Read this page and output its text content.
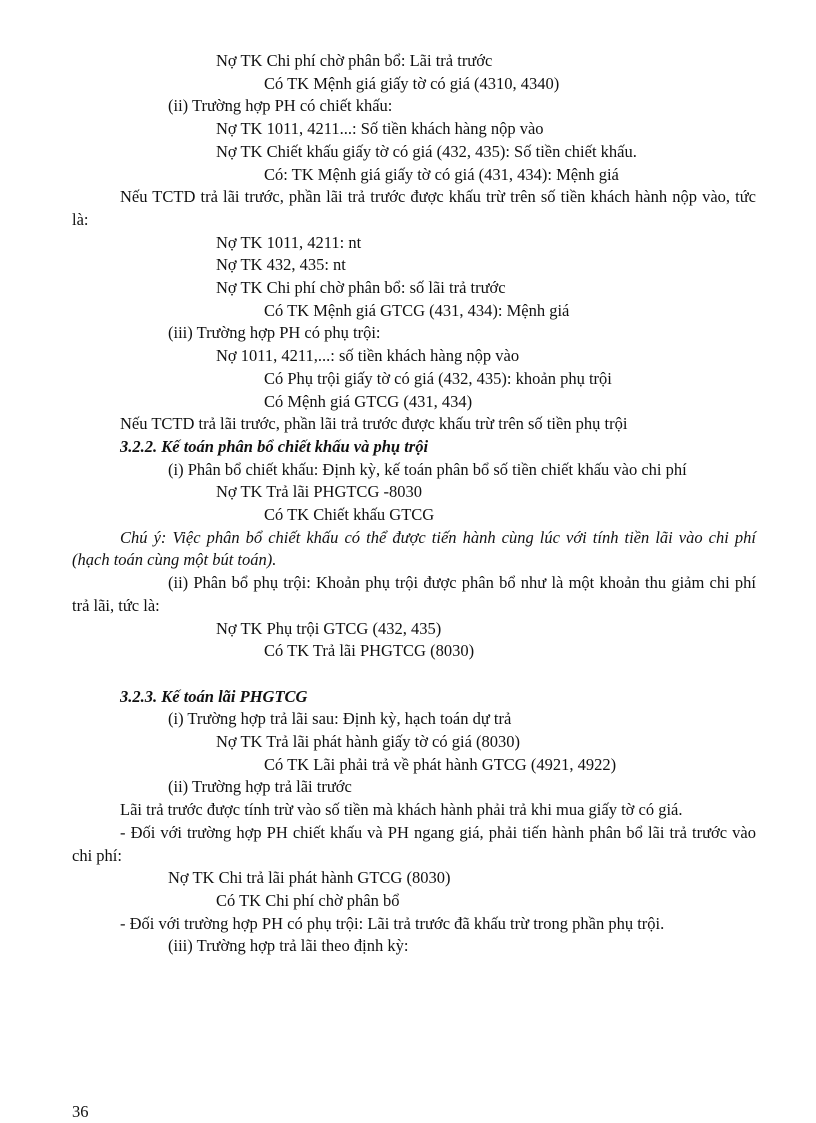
Nợ TK Chi phí chờ phân bổ: Lãi trả trước
Có TK Mệnh giá giấy tờ có giá (4310, 4340)
(ii) Trường hợp PH có chiết khấu:
Nợ TK 1011, 4211...: Số tiền khách hàng nộp vào
Nợ TK Chiết khấu giấy tờ có giá (432, 435): Số tiền chiết khấu.
Có: TK Mệnh giá giấy tờ có giá (431, 434): Mệnh giá
Nếu TCTD trả lãi trước, phần lãi trả trước được khấu trừ trên số tiền khách hành nộp vào, tức là:
Nợ TK 1011, 4211: nt
Nợ TK 432, 435: nt
Nợ TK Chi phí chờ phân bổ: số lãi trả trước
Có TK Mệnh giá GTCG (431, 434): Mệnh giá
(iii) Trường hợp PH có phụ trội:
Nợ 1011, 4211,...: số tiền khách hàng nộp vào
Có Phụ trội giấy tờ có giá (432, 435): khoản phụ trội
Có Mệnh giá GTCG (431, 434)
Nếu TCTD trả lãi trước, phần lãi trả trước được khấu trừ trên số tiền phụ trội
3.2.2. Kế toán phân bổ chiết khấu và phụ trội
(i) Phân bổ chiết khấu: Định kỳ, kế toán phân bổ số tiền chiết khấu vào chi phí
Nợ TK Trả lãi PHGTCG -8030
Có TK Chiết khấu GTCG
Chú ý: Việc phân bổ chiết khấu có thể được tiến hành cùng lúc với tính tiền lãi vào chi phí (hạch toán cùng một bút toán).
(ii) Phân bổ phụ trội: Khoản phụ trội được phân bổ như là một khoản thu giảm chi phí trả lãi, tức là:
Nợ TK Phụ trội GTCG (432, 435)
Có TK Trả lãi PHGTCG (8030)
3.2.3. Kế toán lãi PHGTCG
(i) Trường hợp trả lãi sau: Định kỳ, hạch toán dự trả
Nợ TK Trả lãi phát hành giấy tờ có giá (8030)
Có TK Lãi phải trả về phát hành GTCG (4921, 4922)
(ii) Trường hợp trả lãi trước
Lãi trả trước được tính trừ vào số tiền mà khách hành phải trả khi mua giấy tờ có giá.
- Đối với trường hợp PH chiết khấu và PH ngang giá, phải tiến hành phân bổ lãi trả trước vào chi phí:
Nợ TK Chi trả lãi phát hành GTCG (8030)
Có TK Chi phí chờ phân bổ
- Đối với trường hợp PH có phụ trội: Lãi trả trước đã khấu trừ trong phần phụ trội.
(iii) Trường hợp trả lãi theo định kỳ:
36
